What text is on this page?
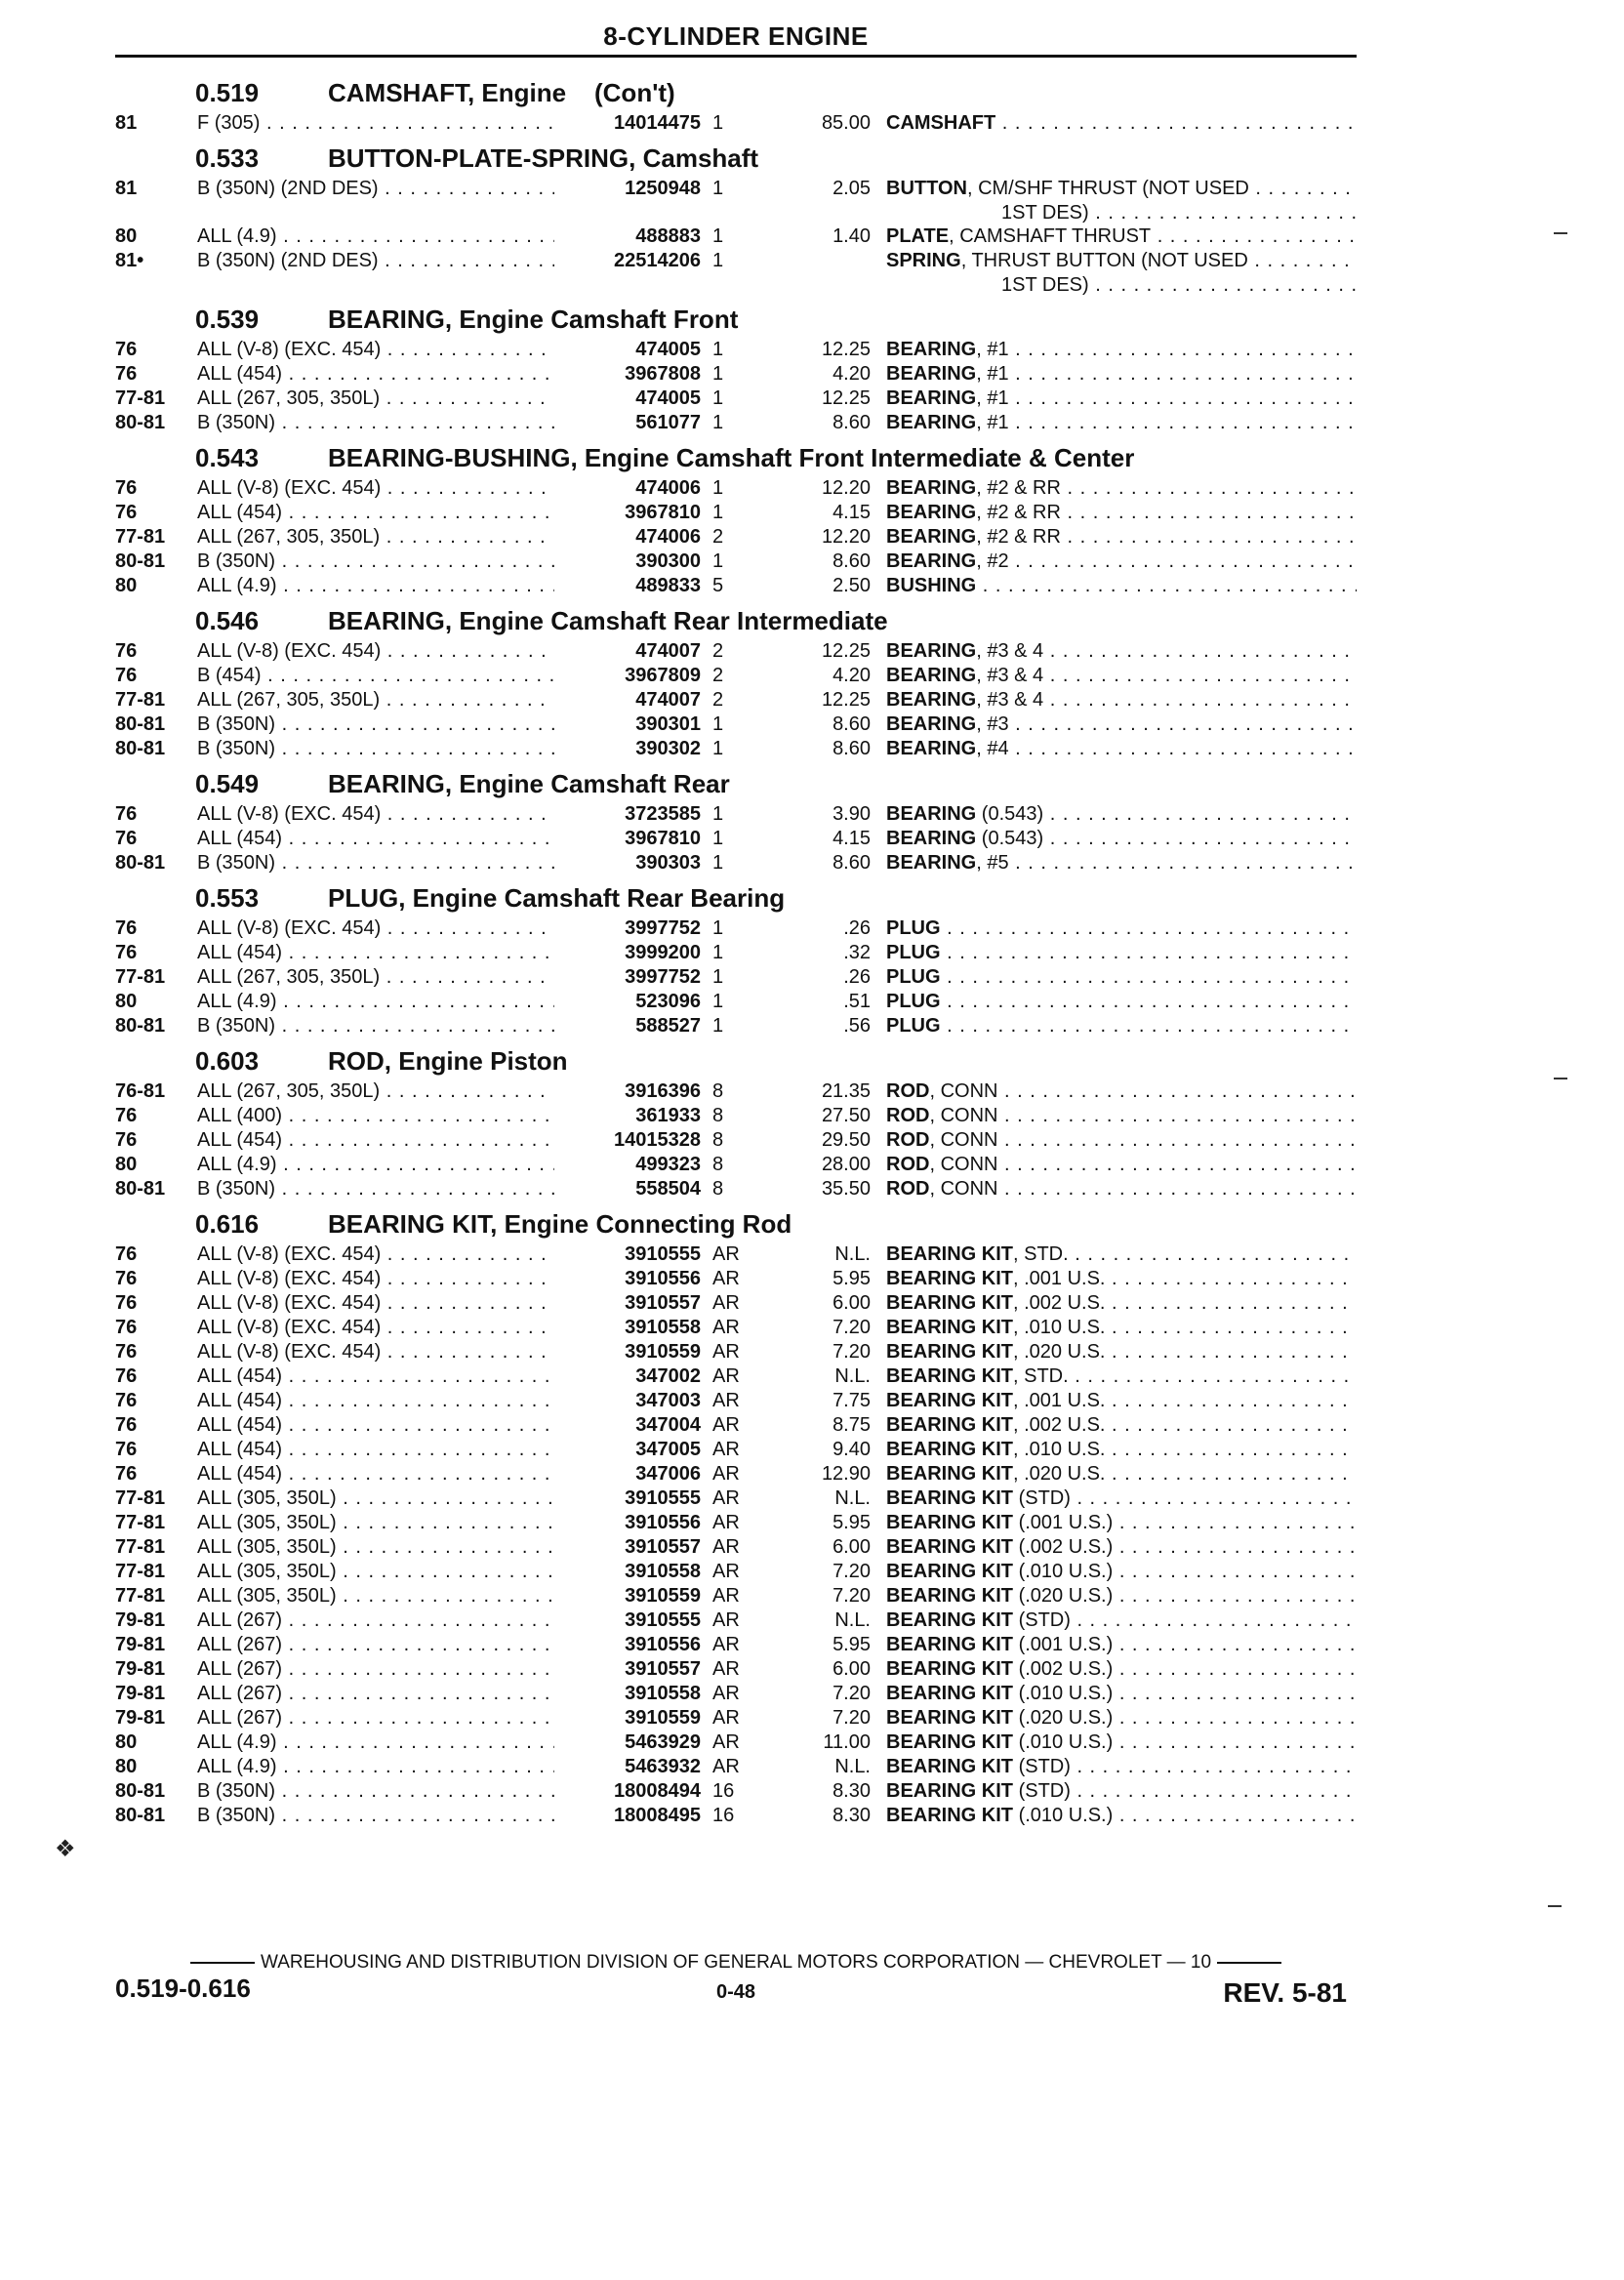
8-CYLINDER ENGINE
0.519	CAMSHAFT, Engine    (Con't)
81	F (305) . . .	14014475 1	85.00 CAMSHAFT . . .
0.533	BUTTON-PLATE-SPRING, Camshaft
81	B (350N) (2ND DES) . . .	1250948 1	2.05 BUTTON, CM/SHF THRUST (NOT USED . . .
1ST DES) . . .
80	ALL (4.9) . . .	488883 1	1.40 PLATE, CAMSHAFT THRUST . . .
81•	B (350N) (2ND DES) . . .	22514206 1	SPRING, THRUST BUTTON (NOT USED . . .
1ST DES) . . .
0.539	BEARING, Engine Camshaft Front
76	ALL (V-8) (EXC. 454) . . .	474005 1	12.25 BEARING, #1 . . .
76	ALL (454) . . .	3967808 1	4.20 BEARING, #1 . . .
77-81	ALL (267, 305, 350L) . . .	474005 1	12.25 BEARING, #1 . . .
80-81	B (350N) . . .	561077 1	8.60 BEARING, #1 . . .
0.543	BEARING-BUSHING, Engine Camshaft Front Intermediate & Center
76	ALL (V-8) (EXC. 454) . . .	474006 1	12.20 BEARING, #2 & RR . . .
76	ALL (454) . . .	3967810 1	4.15 BEARING, #2 & RR . . .
77-81	ALL (267, 305, 350L) . . .	474006 2	12.20 BEARING, #2 & RR . . .
80-81	B (350N) . . .	390300 1	8.60 BEARING, #2 . . .
80	ALL (4.9) . . .	489833 5	2.50 BUSHING . . .
0.546	BEARING, Engine Camshaft Rear Intermediate
76	ALL (V-8) (EXC. 454) . . .	474007 2	12.25 BEARING, #3 & 4 . . .
76	B (454) . . .	3967809 2	4.20 BEARING, #3 & 4 . . .
77-81	ALL (267, 305, 350L) . . .	474007 2	12.25 BEARING, #3 & 4 . . .
80-81	B (350N) . . .	390301 1	8.60 BEARING, #3 . . .
80-81	B (350N) . . .	390302 1	8.60 BEARING, #4 . . .
0.549	BEARING, Engine Camshaft Rear
76	ALL (V-8) (EXC. 454) . . .	3723585 1	3.90 BEARING (0.543) . . .
76	ALL (454) . . .	3967810 1	4.15 BEARING (0.543) . . .
80-81	B (350N) . . .	390303 1	8.60 BEARING, #5 . . .
0.553	PLUG, Engine Camshaft Rear Bearing
76	ALL (V-8) (EXC. 454) . . .	3997752 1	.26 PLUG . . .
76	ALL (454) . . .	3999200 1	.32 PLUG . . .
77-81	ALL (267, 305, 350L) . . .	3997752 1	.26 PLUG . . .
80	ALL (4.9) . . .	523096 1	.51 PLUG . . .
80-81	B (350N) . . .	588527 1	.56 PLUG . . .
0.603	ROD, Engine Piston
76-81	ALL (267, 305, 350L) . . .	3916396 8	21.35 ROD, CONN . . .
76	ALL (400) . . .	361933 8	27.50 ROD, CONN . . .
76	ALL (454) . . .	14015328 8	29.50 ROD, CONN . . .
80	ALL (4.9) . . .	499323 8	28.00 ROD, CONN . . .
80-81	B (350N) . . .	558504 8	35.50 ROD, CONN . . .
0.616	BEARING KIT, Engine Connecting Rod
76	ALL (V-8) (EXC. 454) . . .	3910555 AR	N.L. BEARING KIT, STD. . . .
76	ALL (V-8) (EXC. 454) . . .	3910556 AR	5.95 BEARING KIT, .001 U.S. . . .
76	ALL (V-8) (EXC. 454) . . .	3910557 AR	6.00 BEARING KIT, .002 U.S. . . .
76	ALL (V-8) (EXC. 454) . . .	3910558 AR	7.20 BEARING KIT, .010 U.S. . . .
76	ALL (V-8) (EXC. 454) . . .	3910559 AR	7.20 BEARING KIT, .020 U.S. . . .
76	ALL (454) . . .	347002 AR	N.L. BEARING KIT, STD. . . .
76	ALL (454) . . .	347003 AR	7.75 BEARING KIT, .001 U.S. . . .
76	ALL (454) . . .	347004 AR	8.75 BEARING KIT, .002 U.S. . . .
76	ALL (454) . . .	347005 AR	9.40 BEARING KIT, .010 U.S. . . .
76	ALL (454) . . .	347006 AR	12.90 BEARING KIT, .020 U.S. . . .
77-81	ALL (305, 350L) . . .	3910555 AR	N.L. BEARING KIT (STD) . . .
77-81	ALL (305, 350L) . . .	3910556 AR	5.95 BEARING KIT (.001 U.S.) . . .
77-81	ALL (305, 350L) . . .	3910557 AR	6.00 BEARING KIT (.002 U.S.) . . .
77-81	ALL (305, 350L) . . .	3910558 AR	7.20 BEARING KIT (.010 U.S.) . . .
77-81	ALL (305, 350L) . . .	3910559 AR	7.20 BEARING KIT (.020 U.S.) . . .
79-81	ALL (267) . . .	3910555 AR	N.L. BEARING KIT (STD) . . .
79-81	ALL (267) . . .	3910556 AR	5.95 BEARING KIT (.001 U.S.) . . .
79-81	ALL (267) . . .	3910557 AR	6.00 BEARING KIT (.002 U.S.) . . .
79-81	ALL (267) . . .	3910558 AR	7.20 BEARING KIT (.010 U.S.) . . .
79-81	ALL (267) . . .	3910559 AR	7.20 BEARING KIT (.020 U.S.) . . .
80	ALL (4.9) . . .	5463929 AR	11.00 BEARING KIT (.010 U.S.) . . .
80	ALL (4.9) . . .	5463932 AR	N.L. BEARING KIT (STD) . . .
80-81	B (350N) . . .	18008494 16	8.30 BEARING KIT (STD) . . .
80-81	B (350N) . . .	18008495 16	8.30 BEARING KIT (.010 U.S.) . . .
WAREHOUSING AND DISTRIBUTION DIVISION OF GENERAL MOTORS CORPORATION — CHEVROLET — 10
0.519-0.616	0-48	REV. 5-81
❖
